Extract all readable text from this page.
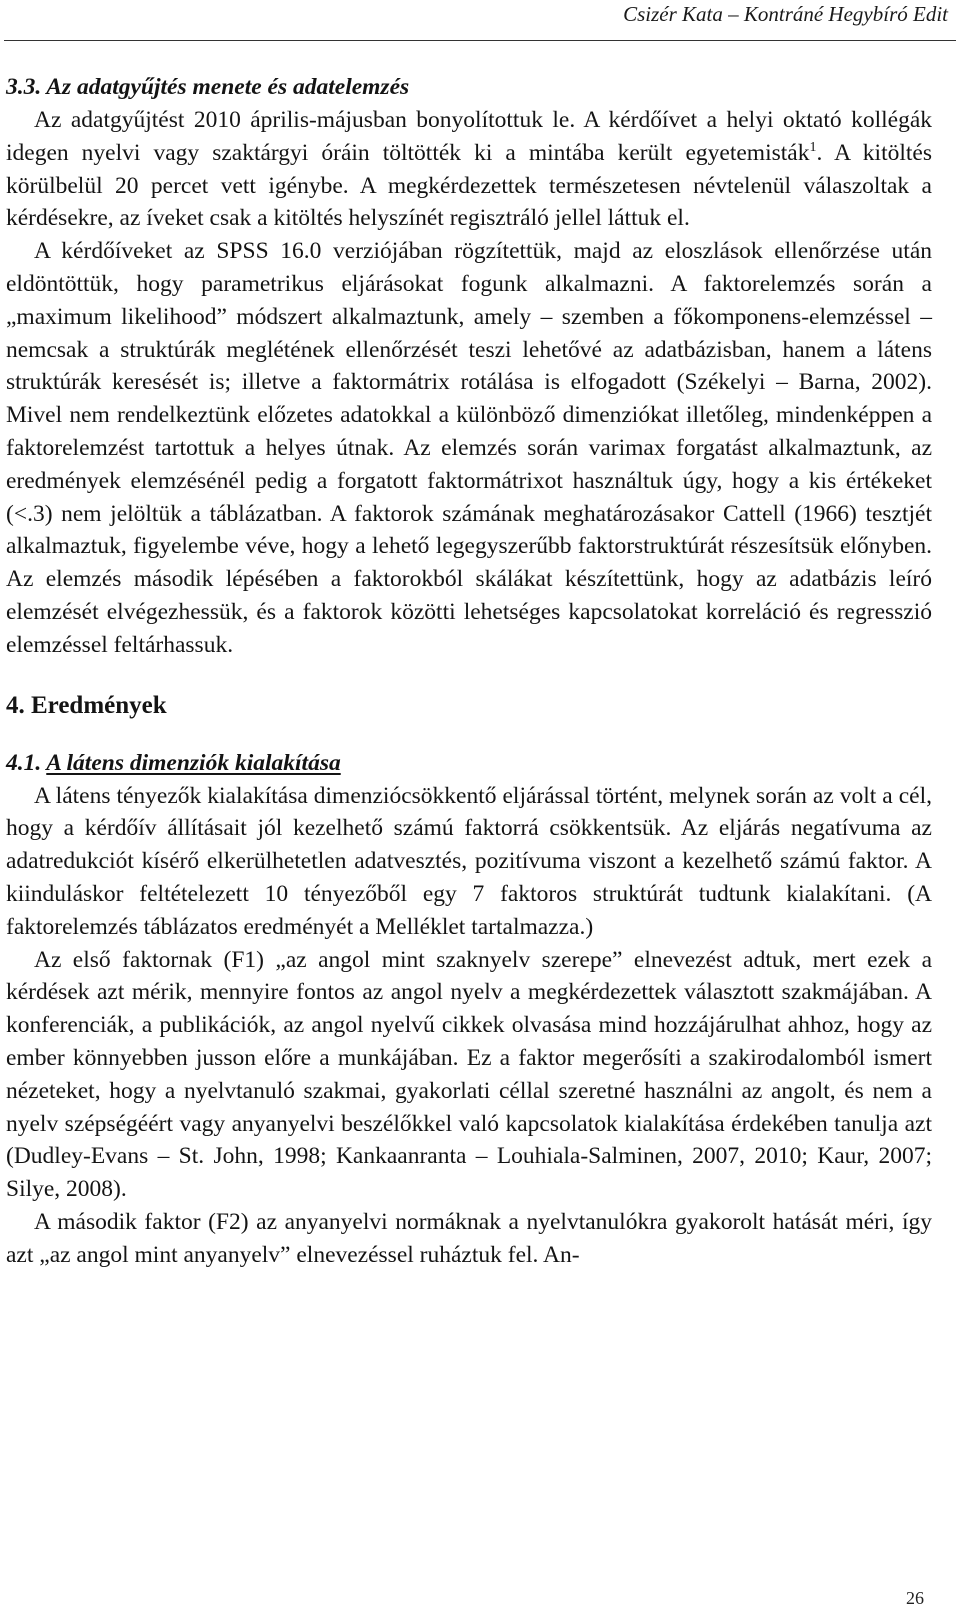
Csizér Kata – Kontráné Hegybíró Edit
3.3. Az adatgyűjtés menete és adatelemzés

Az adatgyűjtést 2010 április-májusban bonyolítottuk le. A kérdőívet a helyi oktató kollégák idegen nyelvi vagy szaktárgyi óráin töltötték ki a mintába került egyetemisták$^1$. A kitöltés körülbelül 20 percet vett igénybe. A megkérdezettek természetesen névtelenül válaszoltak a kérdésekre, az íveket csak a kitöltés helyszínét regisztráló jellel láttuk el.

A kérdőíveket az SPSS 16.0 verziójában rögzítettük, majd az eloszlások ellenőrzése után eldöntöttük, hogy parametrikus eljárásokat fogunk alkalmazni. A faktorelemzés során a „maximum likelihood” módszert alkalmaztunk, amely – szemben a főkomponens-elemzéssel – nemcsak a struktúrák meglétének ellenőrzését teszi lehetővé az adatbázisban, hanem a látens struktúrák keresését is; illetve a faktormátrix rotálása is elfogadott (Székelyi – Barna, 2002). Mivel nem rendelkeztünk előzetes adatokkal a különböző dimenziókat illetőleg, mindenképpen a faktorelemzést tartottuk a helyes útnak. Az elemzés során varimax forgatást alkalmaztunk, az eredmények elemzésénél pedig a forgatott faktormátrixot használtuk úgy, hogy a kis értékeket (<.3) nem jelöltük a táblázatban. A faktorok számának meghatározásakor Cattell (1966) tesztjét alkalmaztuk, figyelembe véve, hogy a lehető legegyszerűbb faktorstruktúrát részesítsük előnyben. Az elemzés második lépésében a faktorokból skálákat készítettünk, hogy az adatbázis leíró elemzését elvégezhessük, és a faktorok közötti lehetséges kapcsolatokat korreláció és regresszió elemzéssel feltárhassuk.

4. Eredmények
4.1. A látens dimenziók kialakítása

A látens tényezők kialakítása dimenziócsökkentő eljárással történt, melynek során az volt a cél, hogy a kérdőív állításait jól kezelhető számú faktorrá csökkentsük. Az eljárás negatívuma az adatredukciót kísérő elkerülhetetlen adatvesztés, pozitívuma viszont a kezelhető számú faktor. A kiinduláskor feltételezett 10 tényezőből egy 7 faktoros struktúrát tudtunk kialakítani. (A faktorelemzés táblázatos eredményét a Melléklet tartalmazza.)

Az első faktornak (F1) „az angol mint szaknyelv szerepe” elnevezést adtuk, mert ezek a kérdések azt mérik, mennyire fontos az angol nyelv a megkérdezettek választott szakmájában. A konferenciák, a publikációk, az angol nyelvű cikkek olvasása mind hozzájárulhat ahhoz, hogy az ember könnyebben jusson előre a munkájában. Ez a faktor megerősíti a szakirodalomból ismert nézeteket, hogy a nyelvtanuló szakmai, gyakorlati céllal szeretné használni az angolt, és nem a nyelv szépségéért vagy anyanyelvi beszélőkkel való kapcsolatok kialakítása érdekében tanulja azt (Dudley-Evans – St. John, 1998; Kankaanranta – Louhiala-Salminen, 2007, 2010; Kaur, 2007; Silye, 2008).

A második faktor (F2) az anyanyelvi normáknak a nyelvtanulókra gyakorolt hatását méri, így azt „az angol mint anyanyelv” elnevezéssel ruháztuk fel. An-

26
